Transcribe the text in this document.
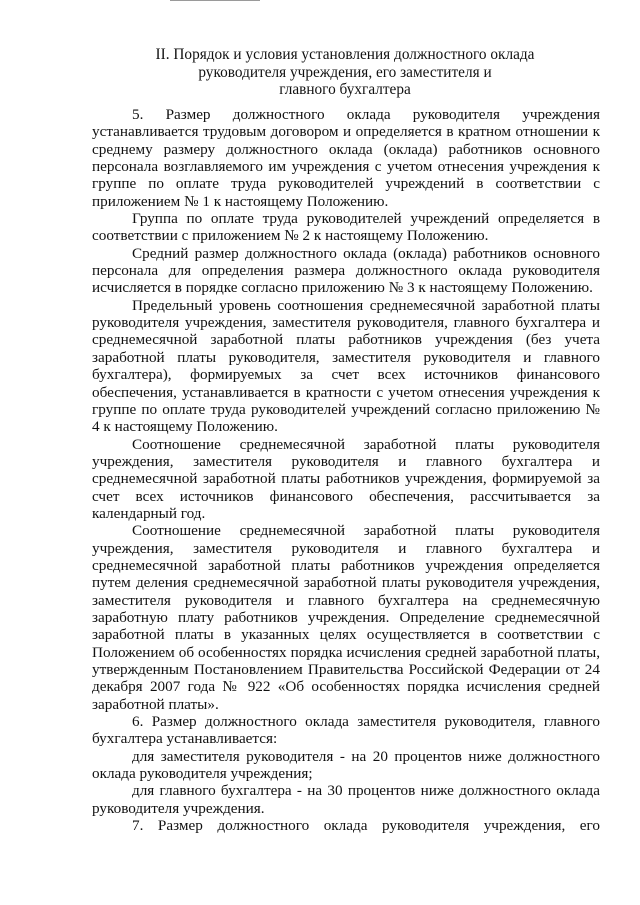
II. Порядок и условия установления должностного оклада
руководителя учреждения, его заместителя и
главного бухгалтера

5. Размер должностного оклада руководителя учреждения устанавливается трудовым договором и определяется в кратном отношении к среднему размеру должностного оклада (оклада) работников основного персонала возглавляемого им учреждения с учетом отнесения учреждения к группе по оплате труда руководителей учреждений в соответствии с приложением № 1 к настоящему Положению.

Группа по оплате труда руководителей учреждений определяется в соответствии с приложением № 2 к настоящему Положению.

Средний размер должностного оклада (оклада) работников основного персонала для определения размера должностного оклада руководителя исчисляется в порядке согласно приложению № 3 к настоящему Положению.

Предельный уровень соотношения среднемесячной заработной платы руководителя учреждения, заместителя руководителя, главного бухгалтера и среднемесячной заработной платы работников учреждения (без учета заработной платы руководителя, заместителя руководителя и главного бухгалтера), формируемых за счет всех источников финансового обеспечения, устанавливается в кратности с учетом отнесения учреждения к группе по оплате труда руководителей учреждений согласно приложению № 4 к настоящему Положению.

Соотношение среднемесячной заработной платы руководителя учреждения, заместителя руководителя и главного бухгалтера и среднемесячной заработной платы работников учреждения, формируемой за счет всех источников финансового обеспечения, рассчитывается за календарный год.

Соотношение среднемесячной заработной платы руководителя учреждения, заместителя руководителя и главного бухгалтера и среднемесячной заработной платы работников учреждения определяется путем деления среднемесячной заработной платы руководителя учреждения, заместителя руководителя и главного бухгалтера на среднемесячную заработную плату работников учреждения. Определение среднемесячной заработной платы в указанных целях осуществляется в соответствии с Положением об особенностях порядка исчисления средней заработной платы, утвержденным Постановлением Правительства Российской Федерации от 24 декабря 2007 года № 922 «Об особенностях порядка исчисления средней заработной платы».

6. Размер должностного оклада заместителя руководителя, главного бухгалтера устанавливается:

для заместителя руководителя - на 20 процентов ниже должностного оклада руководителя учреждения;

для главного бухгалтера - на 30 процентов ниже должностного оклада руководителя учреждения.

7. Размер должностного оклада руководителя учреждения, его
